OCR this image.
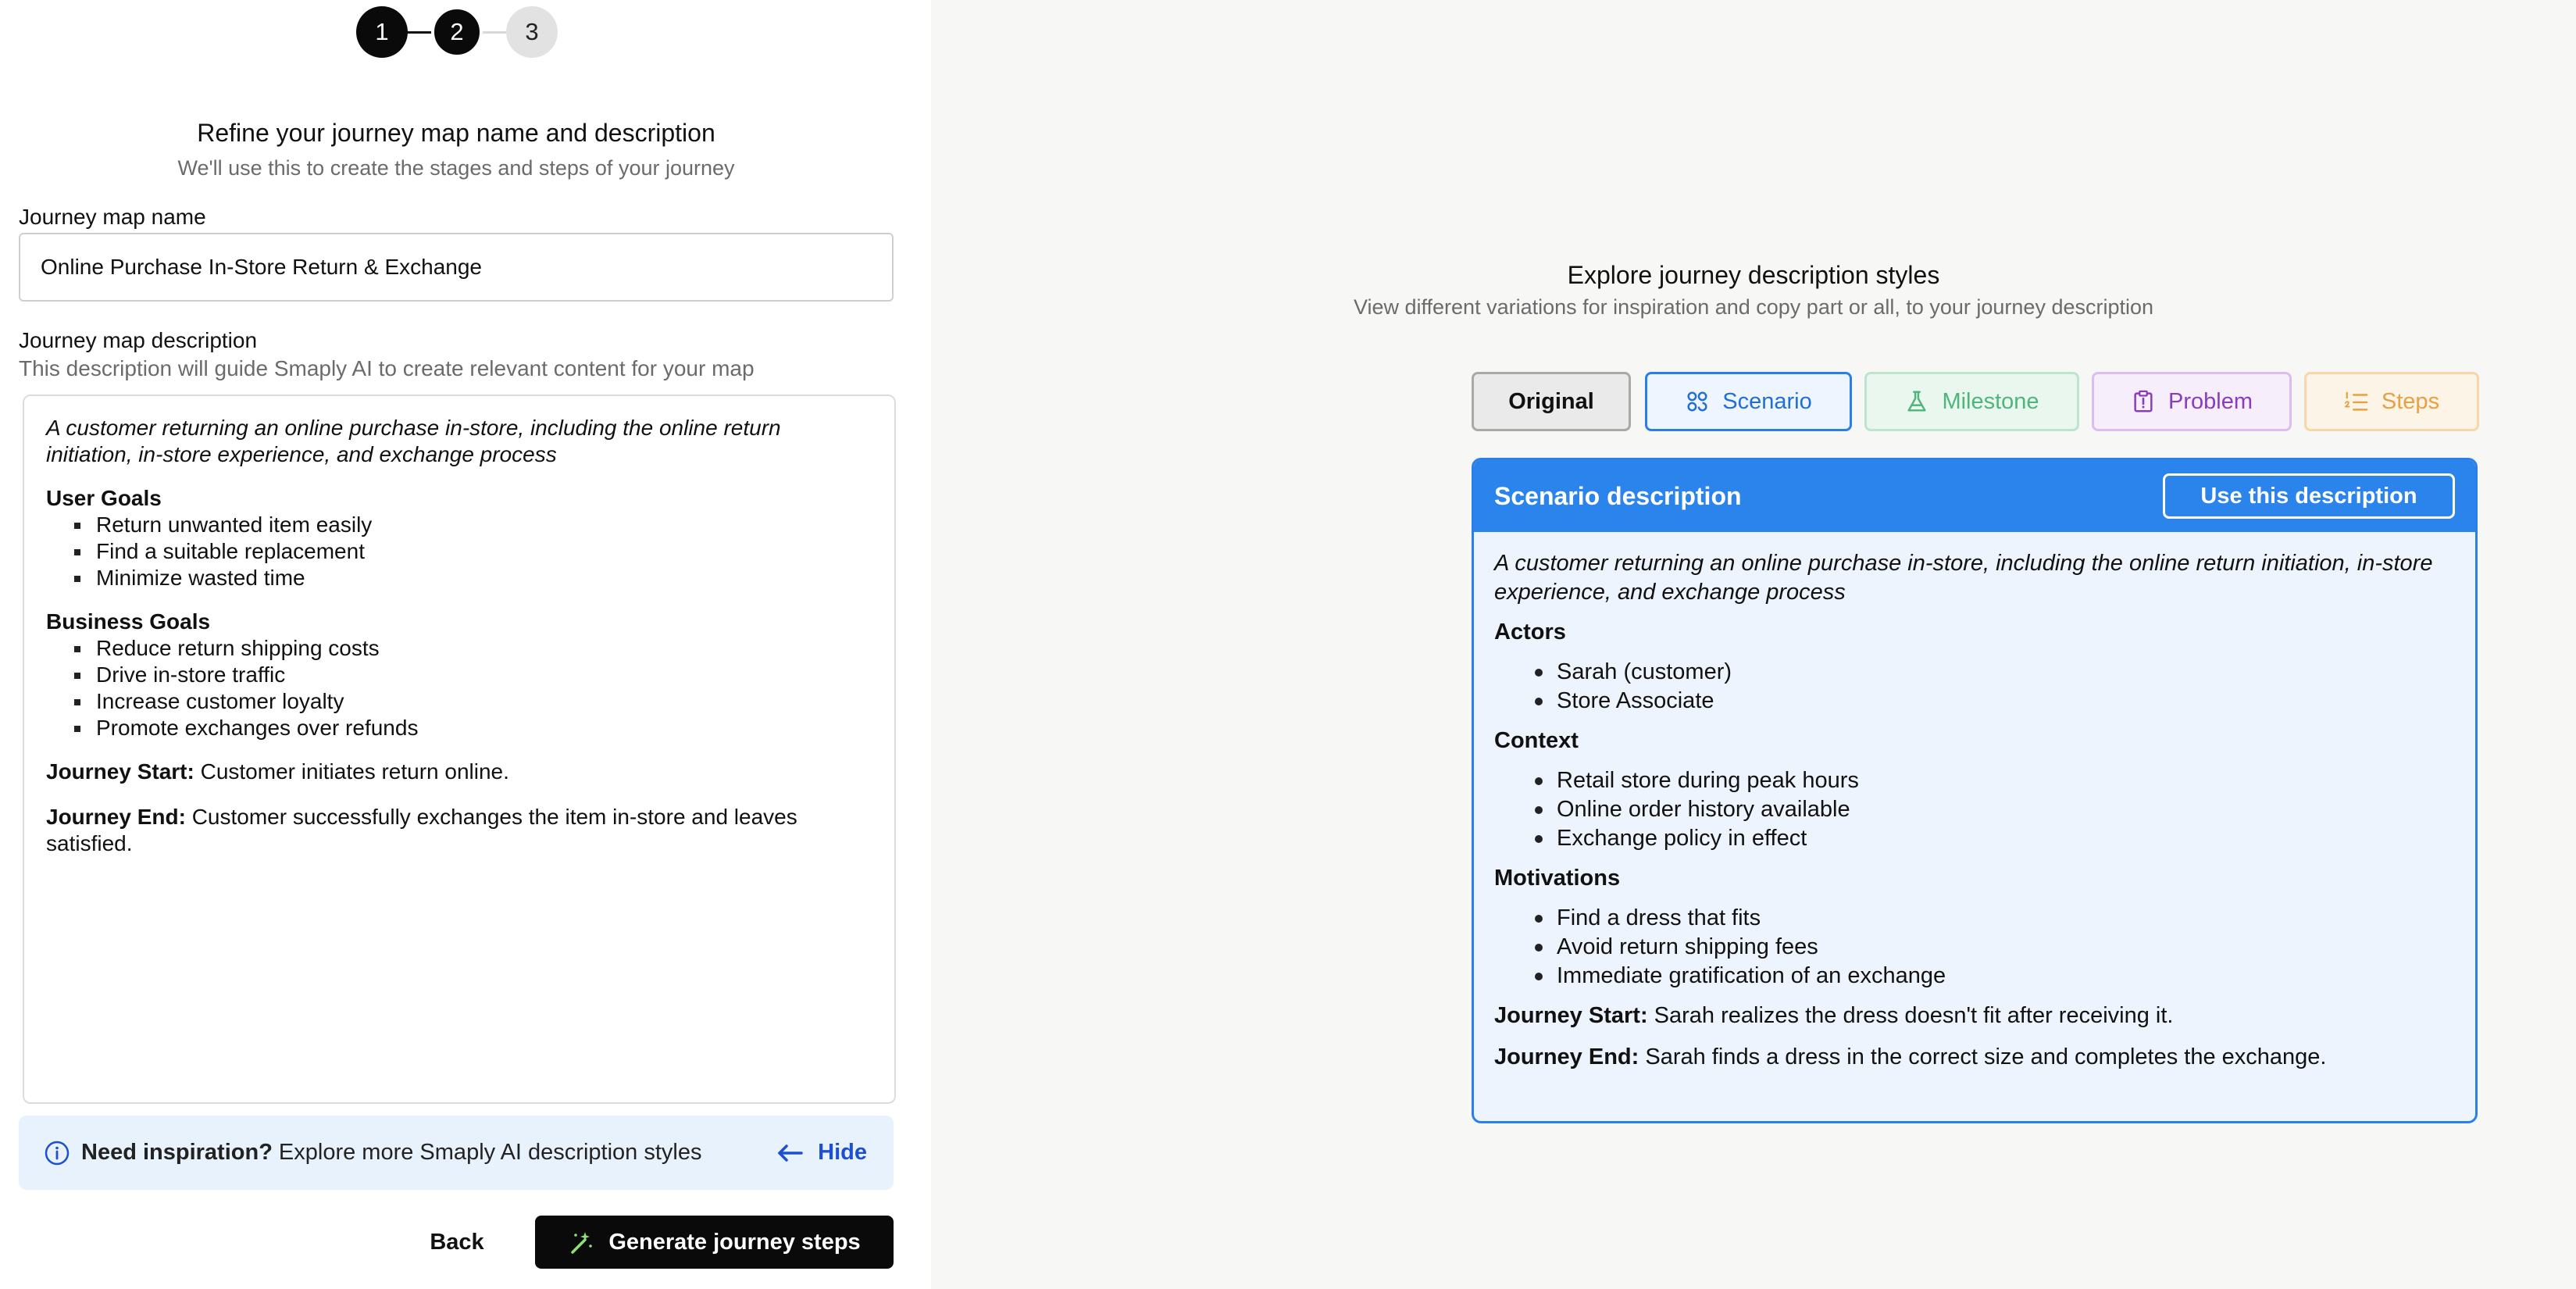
1	2	3
Refine your journey map name and description
We'll use this to create the stages and steps of your journey
Journey map name
Online Purchase In-Store Return & Exchange
Journey map description
This description will guide Smaply AI to create relevant content for your map
A customer returning an online purchase in-store, including the online return initiation, in-store experience, and exchange process
User Goals
Return unwanted item easily
Find a suitable replacement
Minimize wasted time
Business Goals
Reduce return shipping costs
Drive in-store traffic
Increase customer loyalty
Promote exchanges over refunds
Journey Start: Customer initiates return online.
Journey End: Customer successfully exchanges the item in-store and leaves satisfied.
Need inspiration? Explore more Smaply AI description styles	Hide
Back	Generate journey steps
Explore journey description styles
View different variations for inspiration and copy part or all, to your journey description
Original	Scenario	Milestone	Problem	Steps
Scenario description	Use this description
A customer returning an online purchase in-store, including the online return initiation, in-store experience, and exchange process
Actors
Sarah (customer)
Store Associate
Context
Retail store during peak hours
Online order history available
Exchange policy in effect
Motivations
Find a dress that fits
Avoid return shipping fees
Immediate gratification of an exchange
Journey Start: Sarah realizes the dress doesn't fit after receiving it.
Journey End: Sarah finds a dress in the correct size and completes the exchange.
